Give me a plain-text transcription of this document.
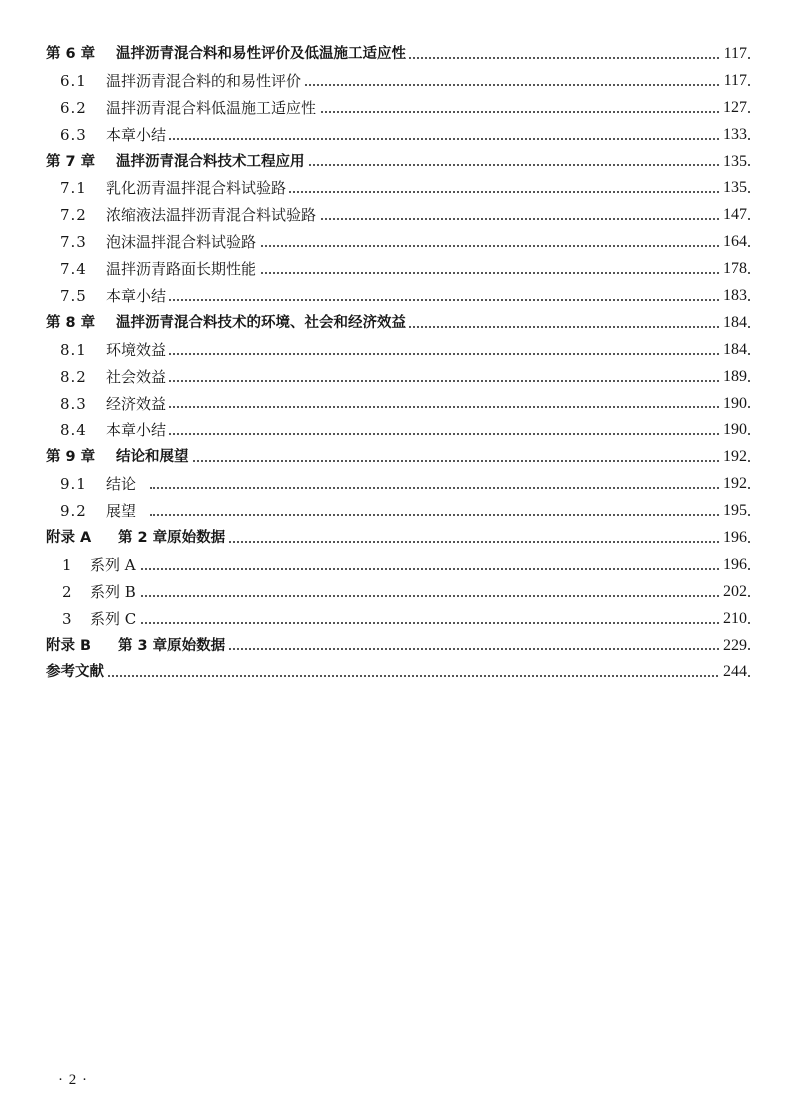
第 6 章 温拌沥青混合料和易性评价及低温施工适应性	117
6.1 温拌沥青混合料的和易性评价	117
6.2 温拌沥青混合料低温施工适应性	127
6.3 本章小结	133
第 7 章 温拌沥青混合料技术工程应用	135
7.1 乳化沥青温拌混合料试验路	135
7.2 浓缩液法温拌沥青混合料试验路	147
7.3 泡沫温拌混合料试验路	164
7.4 温拌沥青路面长期性能	178
7.5 本章小结	183
第 8 章 温拌沥青混合料技术的环境、社会和经济效益	184
8.1 环境效益	184
8.2 社会效益	189
8.3 经济效益	190
8.4 本章小结	190
第 9 章 结论和展望	192
9.1 结论	192
9.2 展望	195
附录 A 第 2 章原始数据	196
1 系列 A	196
2 系列 B	202
3 系列 C	210
附录 B 第 3 章原始数据	229
参考文献	244
· 2 ·
